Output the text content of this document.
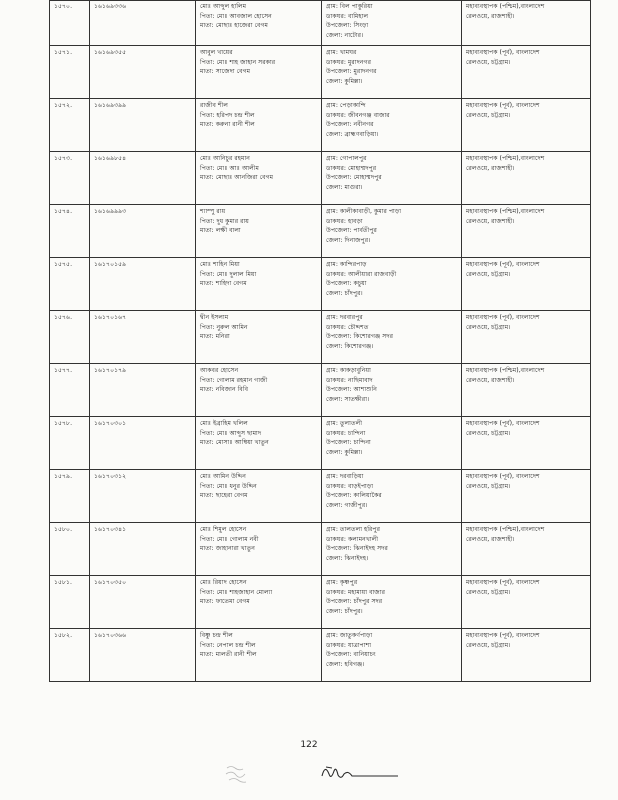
১৫৭০.	১৬১৬৯৩৩৬	মোঃ আব্দুল হালিম
পিতা: মোঃ আবজাল হোসেন
মাতা: মোছাঃ হাজেরা বেগম	গ্রাম: বিল পাকুরিয়া
ডাকঘর: বামিহাল
উপজেলা: সিংড়া
জেলা: নাটোর।	মহাব্যবস্থাপক (পশ্চিম),বাংলাদেশ
রেলওয়ে, রাজশাহী।

১৫৭১.	১৬১৬৯৩৫৫	আবুল খায়ের
পিতা: মোঃ শাহ জাহান সরকার
মাতা: সাজেদা বেগম	গ্রাম: খামঘর
ডাকঘর: মুরাদনগর
উপজেলা: মুরাদনগর
জেলা: কুমিল্লা।	মহাব্যবস্থাপক (পূর্ব), বাংলাদেশ
রেলওয়ে, চট্টগ্রাম।

১৫৭২.	১৬১৬৯৩৯৯	রাজীব শীল
পিতা: হরিপদ চন্দ্র শীল
মাতা: করুনা রানী শীল	গ্রাম: পেড়াকান্দি
ডাকঘর: জীবনগঞ্জ বাজার
উপজেলা: নবীনগর
জেলা: ব্রাহ্মণবাড়িয়া।	মহাব্যবস্থাপক (পূর্ব), বাংলাদেশ
রেলওয়ে, চট্টগ্রাম।

১৫৭৩.	১৬১৬৯৮৫৪	মোঃ আনিচুর রহমান
পিতা: মোঃ আঃ আলীম
মাতা: মোছাঃ আনজিরা বেগম	গ্রাম: গোপালপুর
ডাকঘর: মোহাম্মদপুর
উপজেলা: মোহাম্মদপুর
জেলা: মাগুরা।	মহাব্যবস্থাপক (পশ্চিম),বাংলাদেশ
রেলওয়ে, রাজশাহী।

১৫৭৪.	১৬১৬৯৯৯৩	শ্যাম্পু রায়
পিতা: দুধ কুমার রায়
মাতা: লক্ষী বালা	গ্রাম: কালীকাবাড়ী, কুমার পাড়া
ডাকঘর: হাবড়া
উপজেলা: পার্বতীপুর
জেলা: দিনাজপুর।	মহাব্যবস্থাপক (পশ্চিম),বাংলাদেশ
রেলওয়ে, রাজশাহী।

১৫৭৫.	১৬১৭০১৫৯	মোঃ শাহিন মিয়া
পিতা: মোঃ দুলাল মিয়া
মাতা: শাহিদা বেগম	গ্রাম: কান্দিরপাড়
ডাকঘর: আলীয়ারা রাজবাড়ী
উপজেলা: কচুয়া
জেলা: চাঁদপুর।	মহাব্যবস্থাপক (পূর্ব), বাংলাদেশ
রেলওয়ে, চট্টগ্রাম।

১৫৭৬.	১৬১৭০১৬৭	দ্বীন ইসলাম
পিতা: নুরুল আমিন
মাতা: মনিরা	গ্রাম: দরবারপুর
ডাকঘর: চৌদ্দশত
উপজেলা: কিশোরগঞ্জ সদর
জেলা: কিশোরগঞ্জ।	মহাব্যবস্থাপক (পূর্ব), বাংলাদেশ
রেলওয়ে, চট্টগ্রাম।

১৫৭৭.	১৬১৭০১৭৯	আকবর হোসেন
পিতা: গোলাম রহমান গাজী
মাতা: নবিজান বিবি	গ্রাম: কাকড়াবুনিয়া
ডাকঘর: নাছিমাবাদ
উপজেলা: আশাশুনি
জেলা: সাতক্ষীরা।	মহাব্যবস্থাপক (পশ্চিম),বাংলাদেশ
রেলওয়ে, রাজশাহী।

১৫৭৮.	১৬১৭০৩০১	মোঃ ইব্রাহিম খলিল
পিতা: মোঃ আব্দুস ছামাদ
মাতা: মোসাঃ আম্বিয়া খাতুন	গ্রাম: তুলাতলী
ডাকঘর: চান্দিনা
উপজেলা: চান্দিনা
জেলা: কুমিল্লা।	মহাব্যবস্থাপক (পূর্ব), বাংলাদেশ
রেলওয়ে, চট্টগ্রাম।

১৫৭৯.	১৬১৭০৩১২	মোঃ আমিন উদ্দিন
পিতা: মোঃ ধনুর উদ্দিন
মাতা: ছাহেরা বেগম	গ্রাম: দরবাড়িয়া
ডাকঘর: বাড়ইপাড়া
উপজেলা: কালিয়াকৈর
জেলা: গাজীপুর।	মহাব্যবস্থাপক (পূর্ব), বাংলাদেশ
রেলওয়ে, চট্টগ্রাম।

১৫৮০.	১৬১৭০৩৪১	মোঃ শিমুল হোসেন
পিতা: মোঃ গোলাম নবী
মাতা: জাহানারা খাতুন	গ্রাম: তালতলা হরিপুর
ডাকঘর: কলামনখালী
উপজেলা: ঝিনাইদহ সদর
জেলা: ঝিনাইদহ।	মহাব্যবস্থাপক (পশ্চিম),বাংলাদেশ
রেলওয়ে, রাজশাহী।

১৫৮১.	১৬১৭০৩৫০	মোঃ রিয়াদ হোসেন
পিতা: মোঃ শাহজাহান মোল্যা
মাতা: ফাতেমা বেগম	গ্রাম: কৃষ্ণপুর
ডাকঘর: মহামায়া বাজার
উপজেলা: চাঁদপুর সদর
জেলা: চাঁদপুর।	মহাব্যবস্থাপক (পূর্ব), বাংলাদেশ
রেলওয়ে, চট্টগ্রাম।

১৫৮২.	১৬১৭০৩৬৬	বিষ্ণু চন্দ্র শীল
পিতা: নেপাল চন্দ্র শীল
মাতা: মালতী রানী শীল	গ্রাম: জাতুকর্ণপাড়া
ডাকঘর: যাত্রাপাশা
উপজেলা: বানিয়াচং
জেলা: হবিগঞ্জ।	মহাব্যবস্থাপক (পূর্ব), বাংলাদেশ
রেলওয়ে, চট্টগ্রাম।
122
